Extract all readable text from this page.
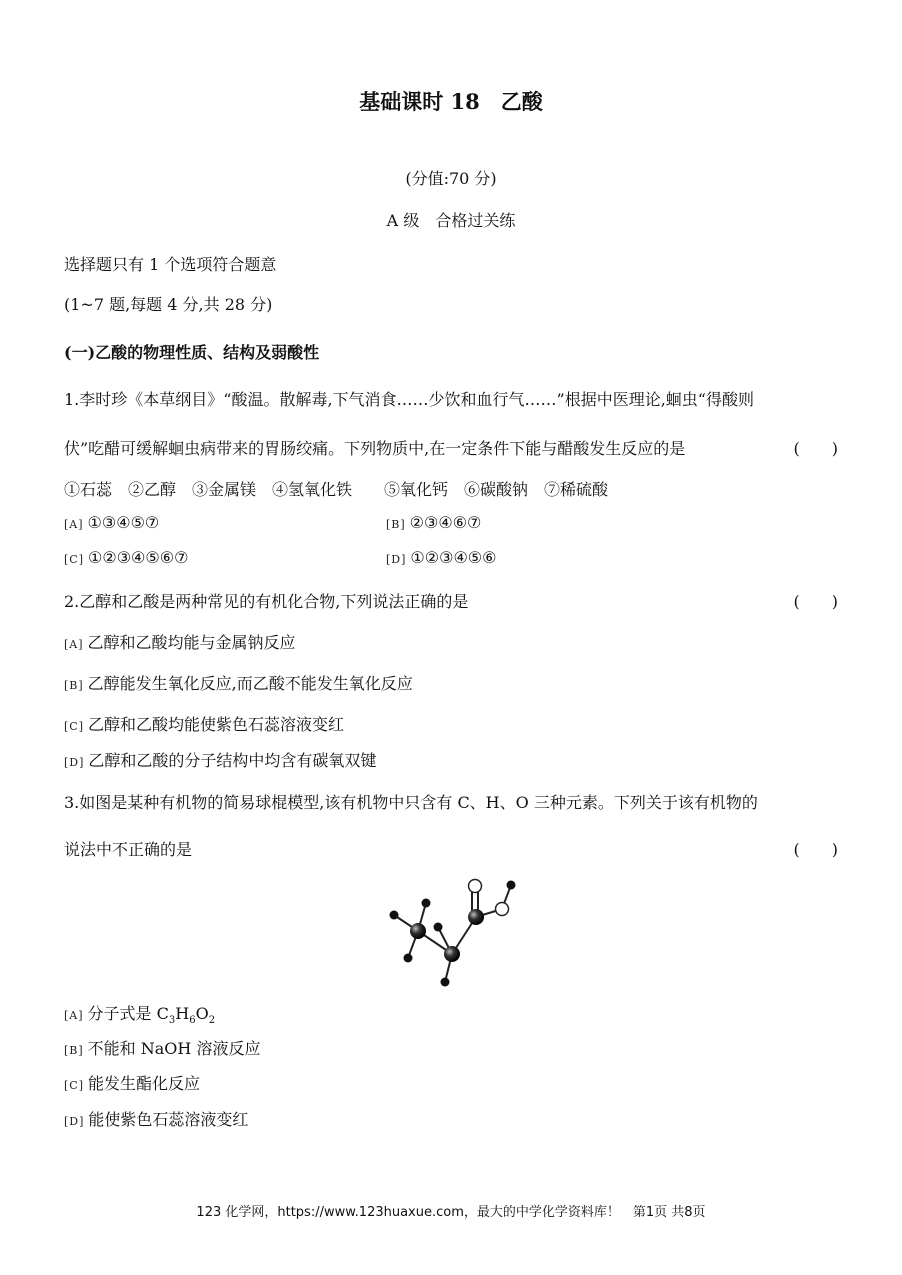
基础课时 18　乙酸
(分值:70 分)
A 级　合格过关练
选择题只有 1 个选项符合题意
(1~7 题,每题 4 分,共 28 分)
(一)乙酸的物理性质、结构及弱酸性
1.李时珍《本草纲目》“酸温。散解毒,下气消食……少饮和血行气……”根据中医理论,蛔虫“得酸则
伏”吃醋可缓解蛔虫病带来的胃肠绞痛。下列物质中,在一定条件下能与醋酸发生反应的是	(　　)
①石蕊　②乙醇　③金属镁　④氢氧化铁　　⑤氧化钙　⑥碳酸钠　⑦稀硫酸
[A] ①③④⑤⑦	[B] ②③④⑥⑦
[C] ①②③④⑤⑥⑦	[D] ①②③④⑤⑥
2.乙醇和乙酸是两种常见的有机化合物,下列说法正确的是	(　　)
[A] 乙醇和乙酸均能与金属钠反应
[B] 乙醇能发生氧化反应,而乙酸不能发生氧化反应
[C] 乙醇和乙酸均能使紫色石蕊溶液变红
[D] 乙醇和乙酸的分子结构中均含有碳氧双键
3.如图是某种有机物的简易球棍模型,该有机物中只含有 C、H、O 三种元素。下列关于该有机物的
说法中不正确的是	(　　)
[A] 分子式是 $C_3H_6O_2$
[B] 不能和 NaOH 溶液反应
[C] 能发生酯化反应
[D] 能使紫色石蕊溶液变红
123 化学网，https://www.123huaxue.com，最大的中学化学资料库！　第1页 共8页
